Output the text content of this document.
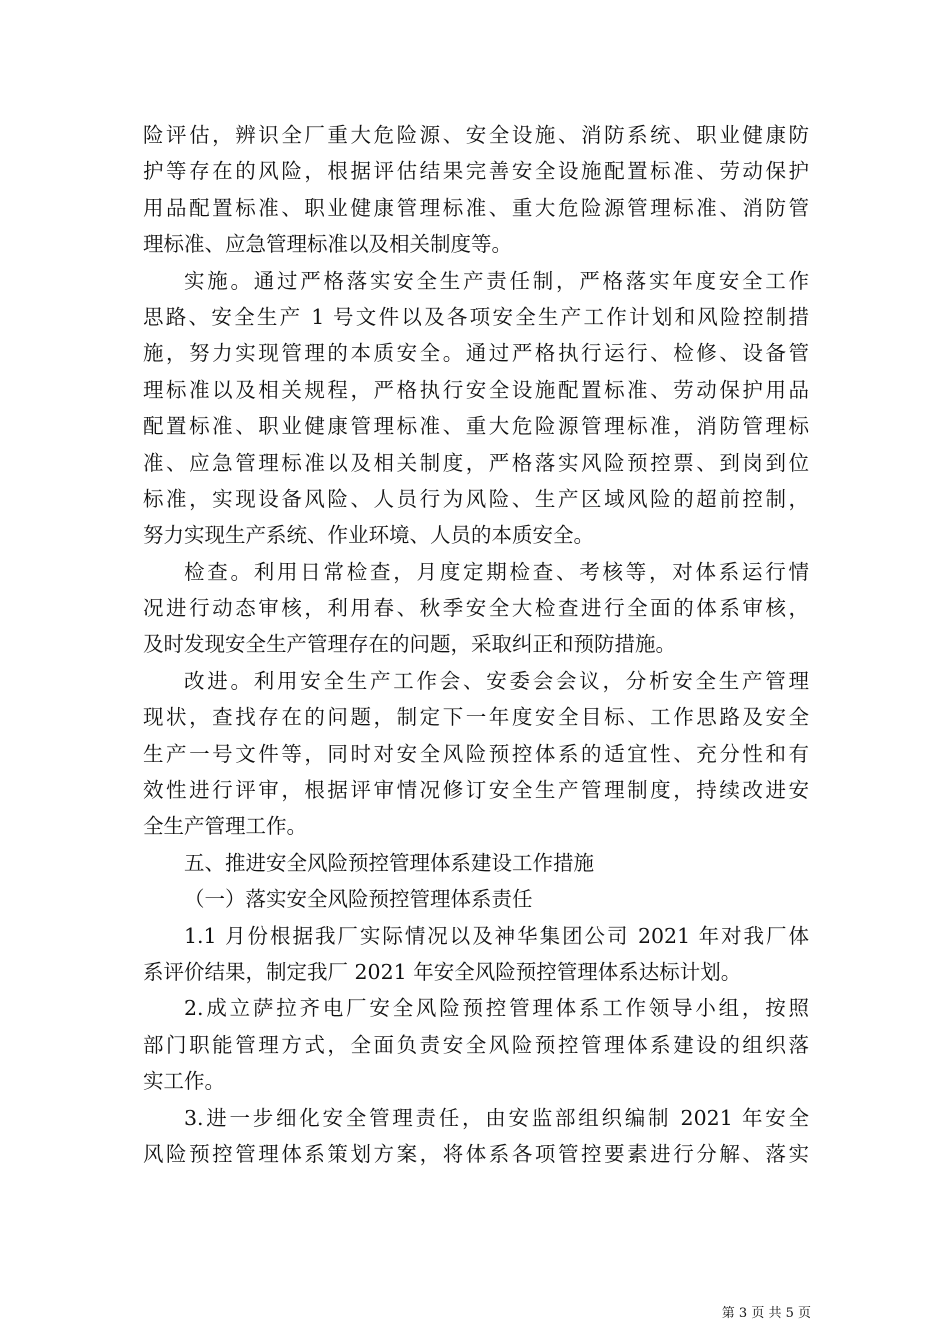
险评估，辨识全厂重大危险源、安全设施、消防系统、职业健康防
护等存在的风险，根据评估结果完善安全设施配置标准、劳动保护
用品配置标准、职业健康管理标准、重大危险源管理标准、消防管
理标准、应急管理标准以及相关制度等。

实施。通过严格落实安全生产责任制，严格落实年度安全工作
思路、安全生产 1 号文件以及各项安全生产工作计划和风险控制措
施，努力实现管理的本质安全。通过严格执行运行、检修、设备管
理标准以及相关规程，严格执行安全设施配置标准、劳动保护用品
配置标准、职业健康管理标准、重大危险源管理标准，消防管理标
准、应急管理标准以及相关制度，严格落实风险预控票、到岗到位
标准，实现设备风险、人员行为风险、生产区域风险的超前控制，
努力实现生产系统、作业环境、人员的本质安全。

检查。利用日常检查，月度定期检查、考核等，对体系运行情
况进行动态审核，利用春、秋季安全大检查进行全面的体系审核，
及时发现安全生产管理存在的问题，采取纠正和预防措施。

改进。利用安全生产工作会、安委会会议，分析安全生产管理
现状，查找存在的问题，制定下一年度安全目标、工作思路及安全
生产一号文件等，同时对安全风险预控体系的适宜性、充分性和有
效性进行评审，根据评审情况修订安全生产管理制度，持续改进安
全生产管理工作。

五、推进安全风险预控管理体系建设工作措施

（一）落实安全风险预控管理体系责任

1.1 月份根据我厂实际情况以及神华集团公司 2021 年对我厂体
系评价结果，制定我厂 2021 年安全风险预控管理体系达标计划。

2.成立萨拉齐电厂安全风险预控管理体系工作领导小组，按照
部门职能管理方式，全面负责安全风险预控管理体系建设的组织落
实工作。

3.进一步细化安全管理责任，由安监部组织编制 2021 年安全
风险预控管理体系策划方案，将体系各项管控要素进行分解、落实

第 3 页 共 5 页
